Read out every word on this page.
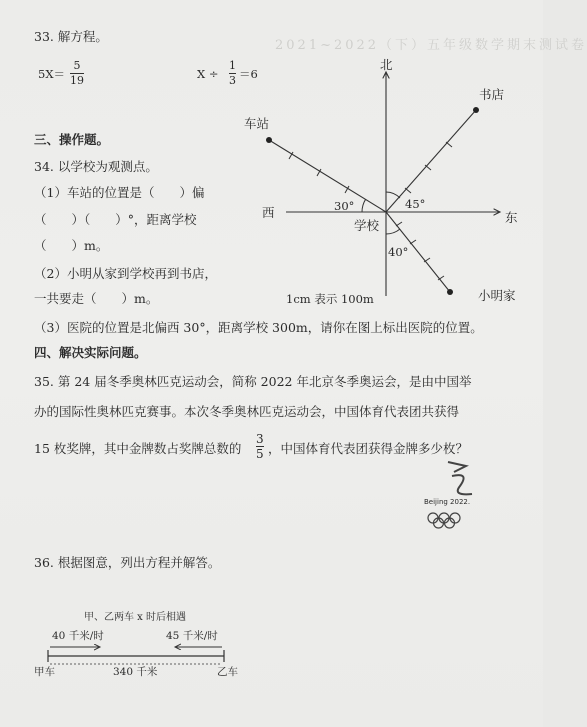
2021~2022（下）五年级数学期末测试卷
33. 解方程。
5X＝
5
19	X ÷
1
3 ＝6
三、操作题。
34. 以学校为观测点。
（1）车站的位置是（　　）偏
（　　）（　　）°，距离学校
（　　）m。
（2）小明从家到学校再到书店，
一共要走（　　）m。
（3）医院的位置是北偏西 30°，距离学校 300m，请你在图上标出医院的位置。
北
东
西
车站
书店
学校
小明家
30°	45°
40°
1cm 表示 100m
四、解决实际问题。
35. 第 24 届冬季奥林匹克运动会，简称 2022 年北京冬季奥运会，是由中国举
办的国际性奥林匹克赛事。本次冬季奥林匹克运动会，中国体育代表团共获得
15 枚奖牌，其中金牌数占奖牌总数的
3
5 ，中国体育代表团获得金牌多少枚？
Beijing 2022.
36. 根据图意，列出方程并解答。
甲、乙两车 x 时后相遇
40 千米/时	45 千米/时
340 千米
甲车	乙车
